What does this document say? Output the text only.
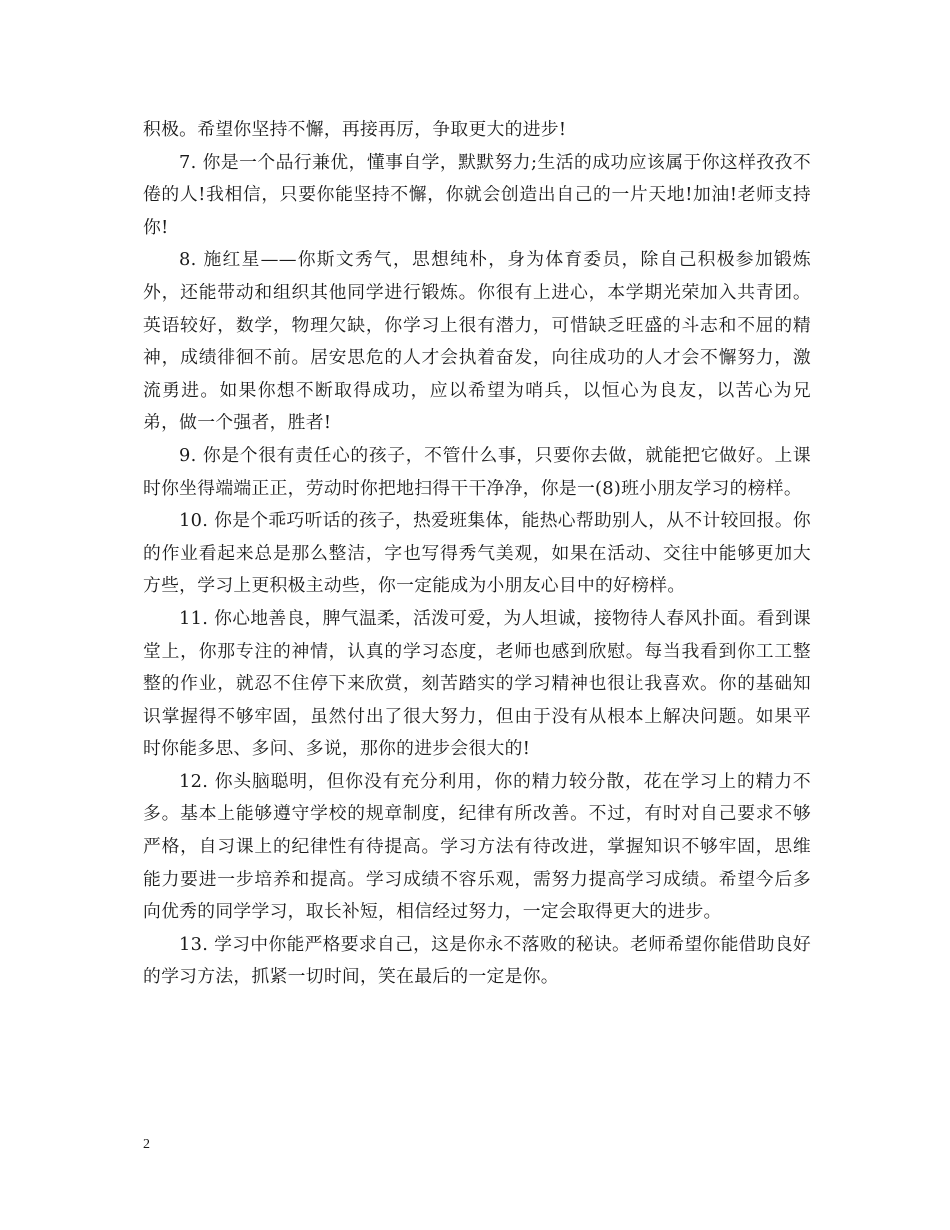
积极。希望你坚持不懈，再接再厉，争取更大的进步!

7. 你是一个品行兼优，懂事自学，默默努力;生活的成功应该属于你这样孜孜不倦的人!我相信，只要你能坚持不懈，你就会创造出自己的一片天地!加油!老师支持你!

8. 施红星——你斯文秀气，思想纯朴，身为体育委员，除自己积极参加锻炼外，还能带动和组织其他同学进行锻炼。你很有上进心，本学期光荣加入共青团。英语较好，数学，物理欠缺，你学习上很有潜力，可惜缺乏旺盛的斗志和不屈的精神，成绩徘徊不前。居安思危的人才会执着奋发，向往成功的人才会不懈努力，激流勇进。如果你想不断取得成功，应以希望为哨兵，以恒心为良友，以苦心为兄弟，做一个强者，胜者!

9. 你是个很有责任心的孩子，不管什么事，只要你去做，就能把它做好。上课时你坐得端端正正，劳动时你把地扫得干干净净，你是一(8)班小朋友学习的榜样。

10. 你是个乖巧听话的孩子，热爱班集体，能热心帮助别人，从不计较回报。你的作业看起来总是那么整洁，字也写得秀气美观，如果在活动、交往中能够更加大方些，学习上更积极主动些，你一定能成为小朋友心目中的好榜样。

11. 你心地善良，脾气温柔，活泼可爱，为人坦诚，接物待人春风扑面。看到课堂上，你那专注的神情，认真的学习态度，老师也感到欣慰。每当我看到你工工整整的作业，就忍不住停下来欣赏，刻苦踏实的学习精神也很让我喜欢。你的基础知识掌握得不够牢固，虽然付出了很大努力，但由于没有从根本上解决问题。如果平时你能多思、多问、多说，那你的进步会很大的!

12. 你头脑聪明，但你没有充分利用，你的精力较分散，花在学习上的精力不多。基本上能够遵守学校的规章制度，纪律有所改善。不过，有时对自己要求不够严格，自习课上的纪律性有待提高。学习方法有待改进，掌握知识不够牢固，思维能力要进一步培养和提高。学习成绩不容乐观，需努力提高学习成绩。希望今后多向优秀的同学学习，取长补短，相信经过努力，一定会取得更大的进步。

13. 学习中你能严格要求自己，这是你永不落败的秘诀。老师希望你能借助良好的学习方法，抓紧一切时间，笑在最后的一定是你。

2
